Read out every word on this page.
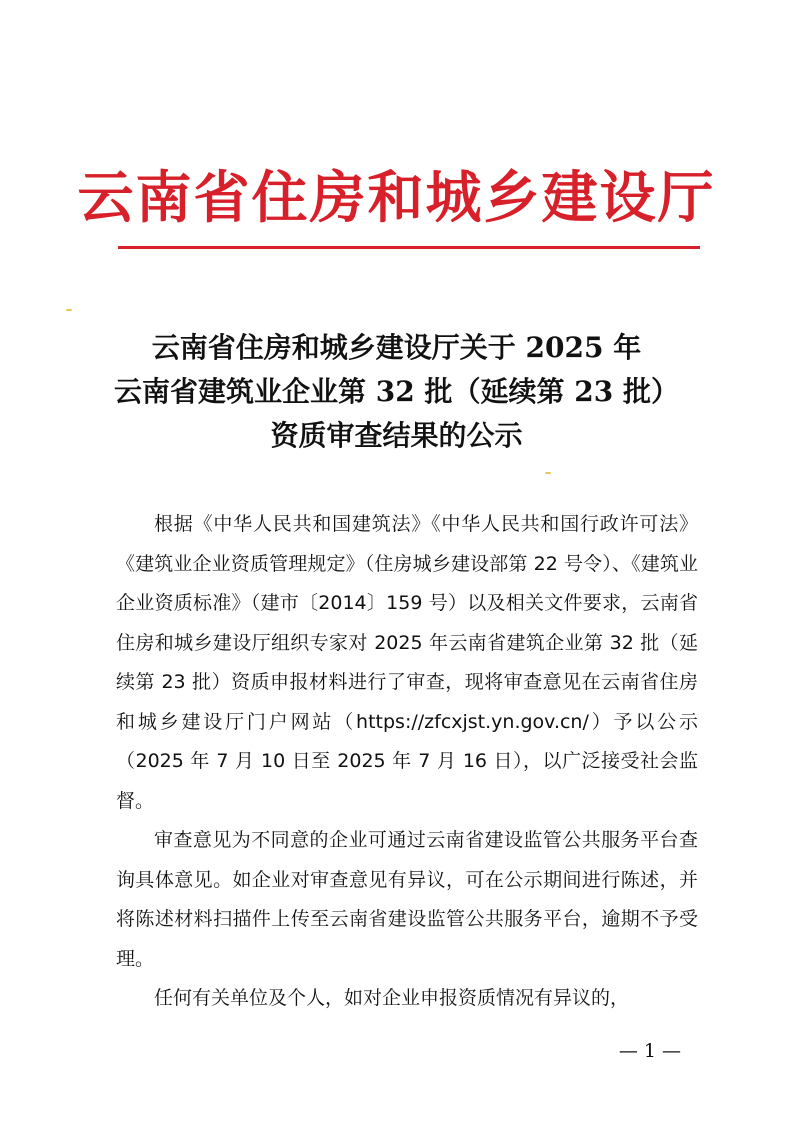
云南省住房和城乡建设厅
云南省住房和城乡建设厅关于 2025 年
云南省建筑业企业第 32 批（延续第 23 批）
资质审查结果的公示

根据《中华人民共和国建筑法》《中华人民共和国行政许可法》《建筑业企业资质管理规定》（住房城乡建设部第 22 号令）、《建筑业企业资质标准》（建市〔2014〕159 号）以及相关文件要求，云南省住房和城乡建设厅组织专家对 2025 年云南省建筑企业第 32 批（延续第 23 批）资质申报材料进行了审查，现将审查意见在云南省住房和城乡建设厅门户网站（https://zfcxjst.yn.gov.cn/）予以公示（2025 年 7 月 10 日至 2025 年 7 月 16 日），以广泛接受社会监督。

审查意见为不同意的企业可通过云南省建设监管公共服务平台查询具体意见。如企业对审查意见有异议，可在公示期间进行陈述，并将陈述材料扫描件上传至云南省建设监管公共服务平台，逾期不予受理。

任何有关单位及个人，如对企业申报资质情况有异议的，

— 1 —
